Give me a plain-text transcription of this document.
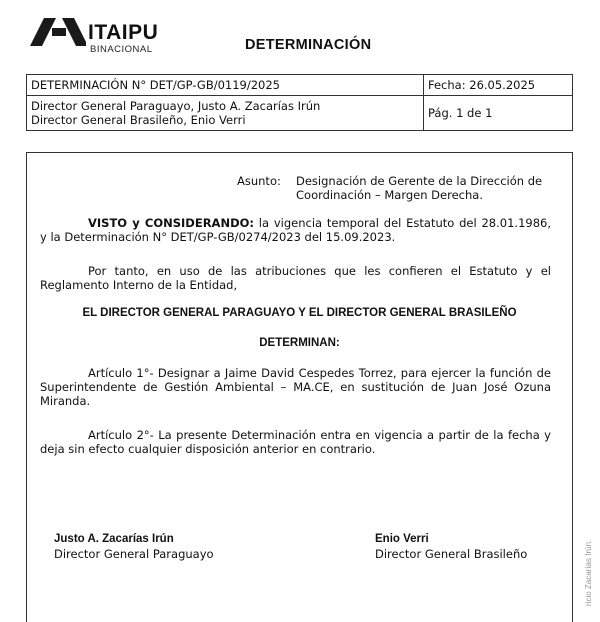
ITAIPU
BINACIONAL	DETERMINACIÓN
DETERMINACIÓN N° DET/GP-GB/0119/2025	Fecha: 26.05.2025

Director General Paraguayo, Justo A. Zacarías Irún
Director General Brasileño, Enio Verri	Pág. 1 de 1
Asunto: Designación de Gerente de la Dirección de Coordinación – Margen Derecha.
VISTO y CONSIDERANDO: la vigencia temporal del Estatuto del 28.01.1986, y la Determinación N° DET/GP-GB/0274/2023 del 15.09.2023.
Por tanto, en uso de las atribuciones que les confieren el Estatuto y el Reglamento Interno de la Entidad,
EL DIRECTOR GENERAL PARAGUAYO Y EL DIRECTOR GENERAL BRASILEÑO
DETERMINAN:
Artículo 1°- Designar a Jaime David Cespedes Torrez, para ejercer la función de Superintendente de Gestión Ambiental – MA.CE, en sustitución de Juan José Ozuna Miranda.
Artículo 2°- La presente Determinación entra en vigencia a partir de la fecha y deja sin efecto cualquier disposición anterior en contrario.
Justo A. Zacarías Irún
Director General Paraguayo
Enio Verri
Director General Brasileño	ricio Zacarías Irún.
